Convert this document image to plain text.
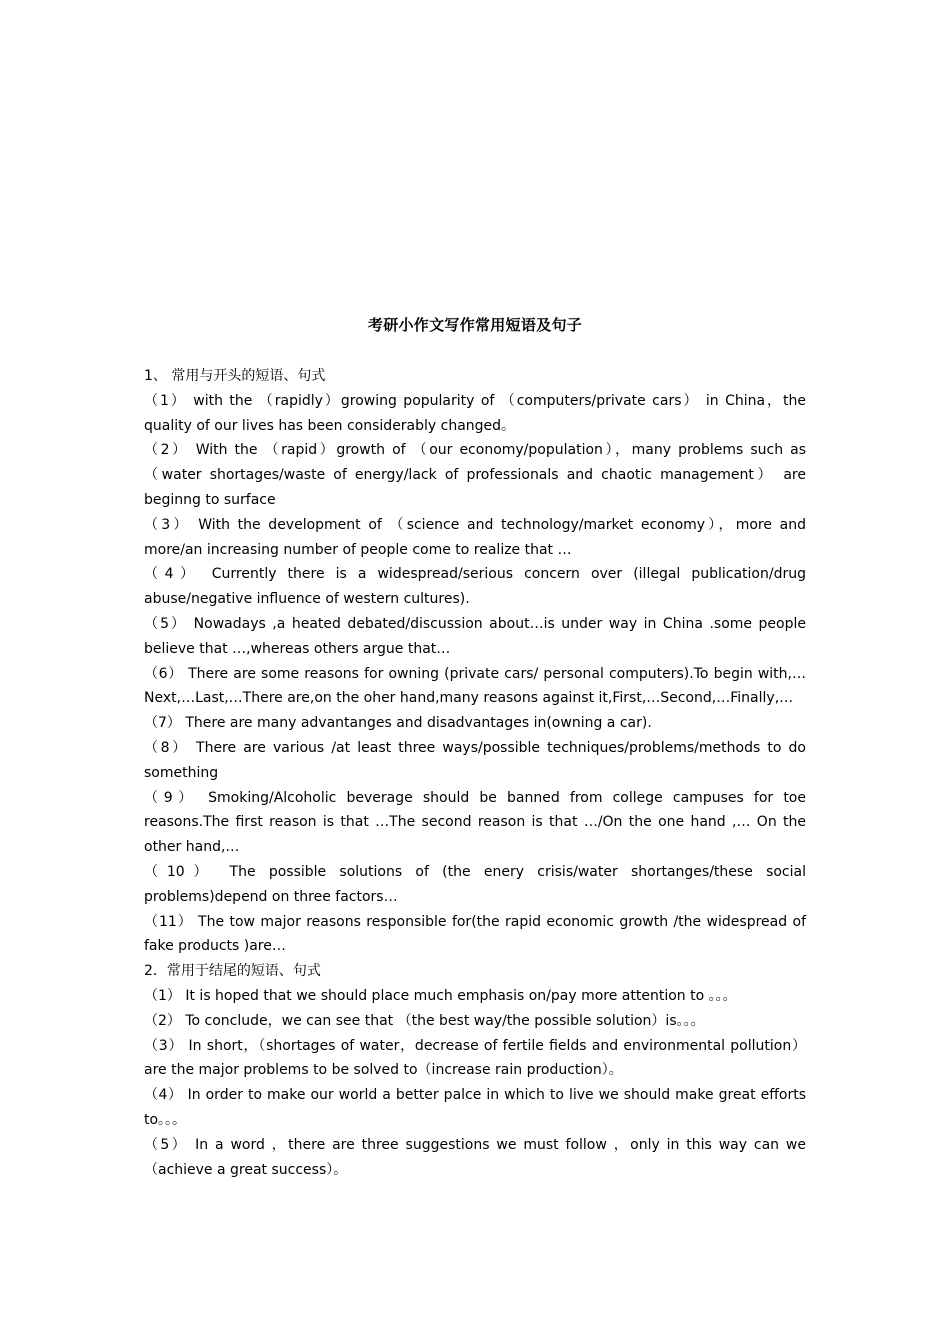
考研小作文写作常用短语及句子

1、 常用与开头的短语、句式

（1） with the （rapidly）growing popularity of （computers/private cars） in China，the quality of our lives has been considerably changed。

（2） With the （rapid）growth of （our economy/population），many problems such as（water shortages/waste of energy/lack of professionals and chaotic management） are beginng to surface

（3） With the development of （science and technology/market economy），more and more/an increasing number of people come to realize that …

（4） Currently there is a widespread/serious concern over (illegal publication/drug abuse/negative influence of western cultures).

（5） Nowadays ,a heated debated/discussion about…is under way in China .some people believe that …,whereas others argue that…

（6） There are some reasons for owning (private cars/ personal computers).To begin with,…Next,…Last,…There are,on the oher hand,many reasons against it,First,…Second,…Finally,…

（7） There are many advantanges and disadvantages in(owning a car).

（8） There are various /at least three ways/possible techniques/problems/methods to do something

（9） Smoking/Alcoholic beverage should be banned from college campuses for toe reasons.The first reason is that …The second reason is that …/On the one hand ,… On the other hand,…

（10） The possible solutions of (the enery crisis/water shortanges/these social problems)depend on three factors…

（11） The tow major reasons responsible for(the rapid economic growth /the widespread of fake products )are…

2．常用于结尾的短语、句式

（1） It is hoped that we should place much emphasis on/pay more attention to 。。。

（2） To conclude，we can see that （the best way/the possible solution）is。。。

（3） In short，（shortages of water，decrease of fertile fields and environmental pollution）are the major problems to be solved to（increase rain production）。

（4） In order to make our world a better palce in which to live we should make great efforts to。。。

（5） In a word ，there are three suggestions we must follow ，only in this way can we（achieve a great success）。
